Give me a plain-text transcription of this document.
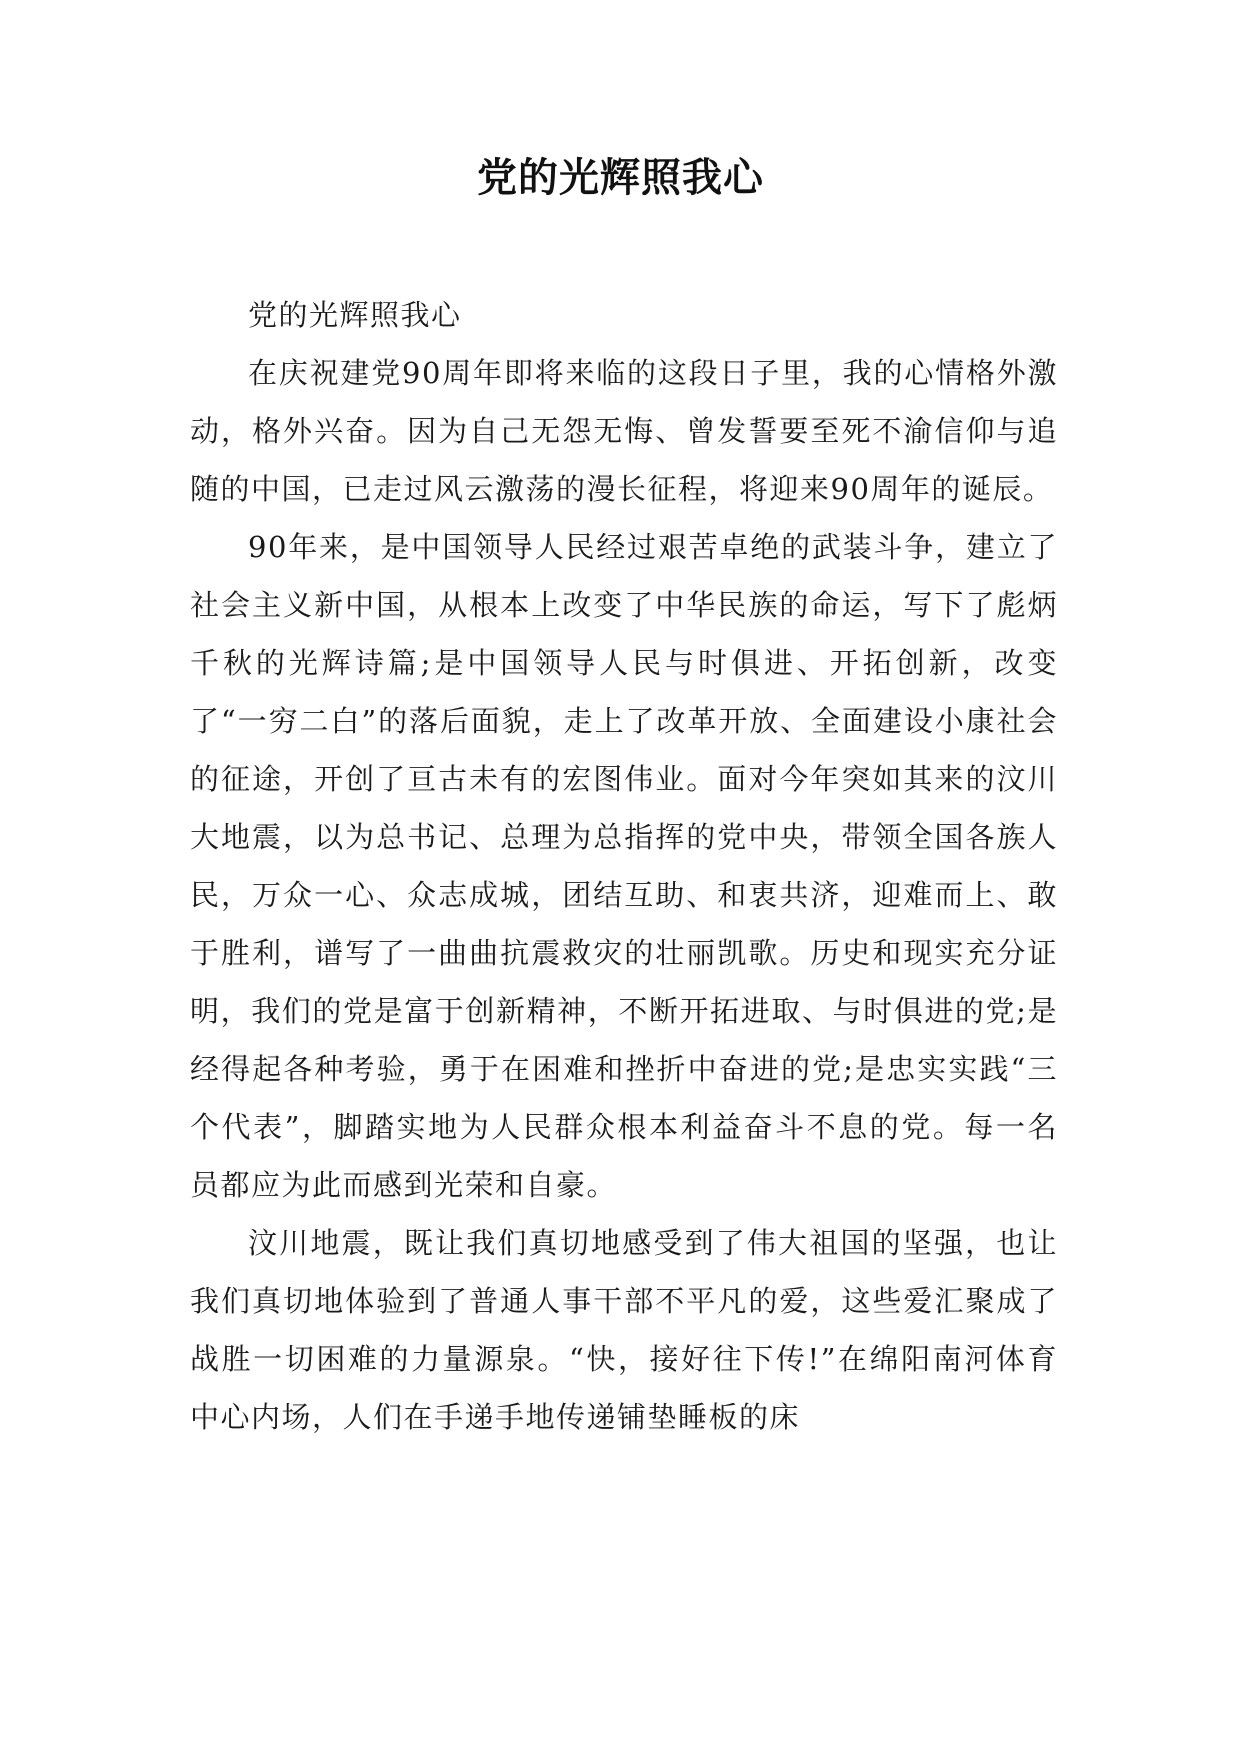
党的光辉照我心

党的光辉照我心

在庆祝建党90周年即将来临的这段日子里，我的心情格外激动，格外兴奋。因为自己无怨无悔、曾发誓要至死不渝信仰与追随的中国，已走过风云激荡的漫长征程，将迎来90周年的诞辰。

90年来，是中国领导人民经过艰苦卓绝的武装斗争，建立了社会主义新中国，从根本上改变了中华民族的命运，写下了彪炳千秋的光辉诗篇;是中国领导人民与时俱进、开拓创新，改变了“一穷二白”的落后面貌，走上了改革开放、全面建设小康社会的征途，开创了亘古未有的宏图伟业。面对今年突如其来的汶川大地震，以为总书记、总理为总指挥的党中央，带领全国各族人民，万众一心、众志成城，团结互助、和衷共济，迎难而上、敢于胜利，谱写了一曲曲抗震救灾的壮丽凯歌。历史和现实充分证明，我们的党是富于创新精神，不断开拓进取、与时俱进的党;是经得起各种考验，勇于在困难和挫折中奋进的党;是忠实实践“三个代表”，脚踏实地为人民群众根本利益奋斗不息的党。每一名员都应为此而感到光荣和自豪。

汶川地震，既让我们真切地感受到了伟大祖国的坚强，也让我们真切地体验到了普通人事干部不平凡的爱，这些爱汇聚成了战胜一切困难的力量源泉。“快，接好往下传!”在绵阳南河体育中心内场，人们在手递手地传递铺垫睡板的床
